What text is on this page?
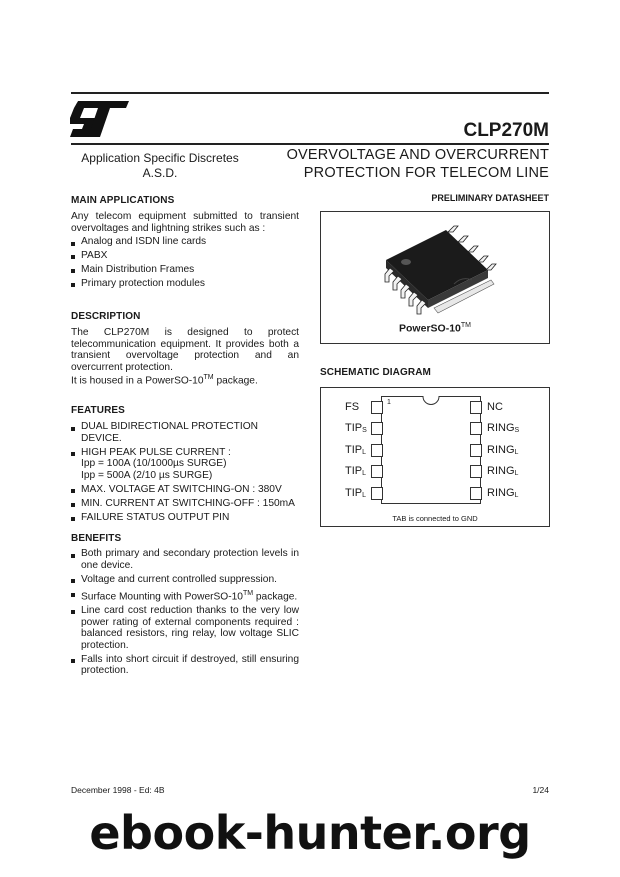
CLP270M
Application Specific Discretes
A.S.D.
OVERVOLTAGE AND OVERCURRENT
PROTECTION FOR TELECOM LINE
PRELIMINARY DATASHEET
MAIN APPLICATIONS
Any telecom equipment submitted to transient overvoltages and lightning strikes such as :
Analog and ISDN line cards
PABX
Main Distribution Frames
Primary protection modules
DESCRIPTION
The CLP270M is designed to protect telecommunication equipment. It provides both a transient overvoltage protection and an overcurrent protection.
It is housed in a PowerSO-10™ package.
FEATURES
DUAL BIDIRECTIONAL PROTECTION DEVICE.
HIGH PEAK PULSE CURRENT :
Ipp = 100A (10/1000µs SURGE)
Ipp = 500A (2/10 µs SURGE)
MAX. VOLTAGE AT SWITCHING-ON : 380V
MIN. CURRENT AT SWITCHING-OFF : 150mA
FAILURE STATUS OUTPUT PIN
BENEFITS
Both primary and secondary protection levels in one device.
Voltage and current controlled suppression.
Surface Mounting with PowerSO-10™ package.
Line card cost reduction thanks to the very low power rating of external components required : balanced resistors, ring relay, low voltage SLIC protection.
Falls into short circuit if destroyed, still ensuring protection.
PowerSO-10™
SCHEMATIC DIAGRAM
1
FS
$TIP_S$
$TIP_L$
$TIP_L$
$TIP_L$
NC
$RING_S$
$RING_L$
$RING_L$
$RING_L$
TAB is connected to GND
December 1998 - Ed: 4B	1/24
ebook-hunter.org
